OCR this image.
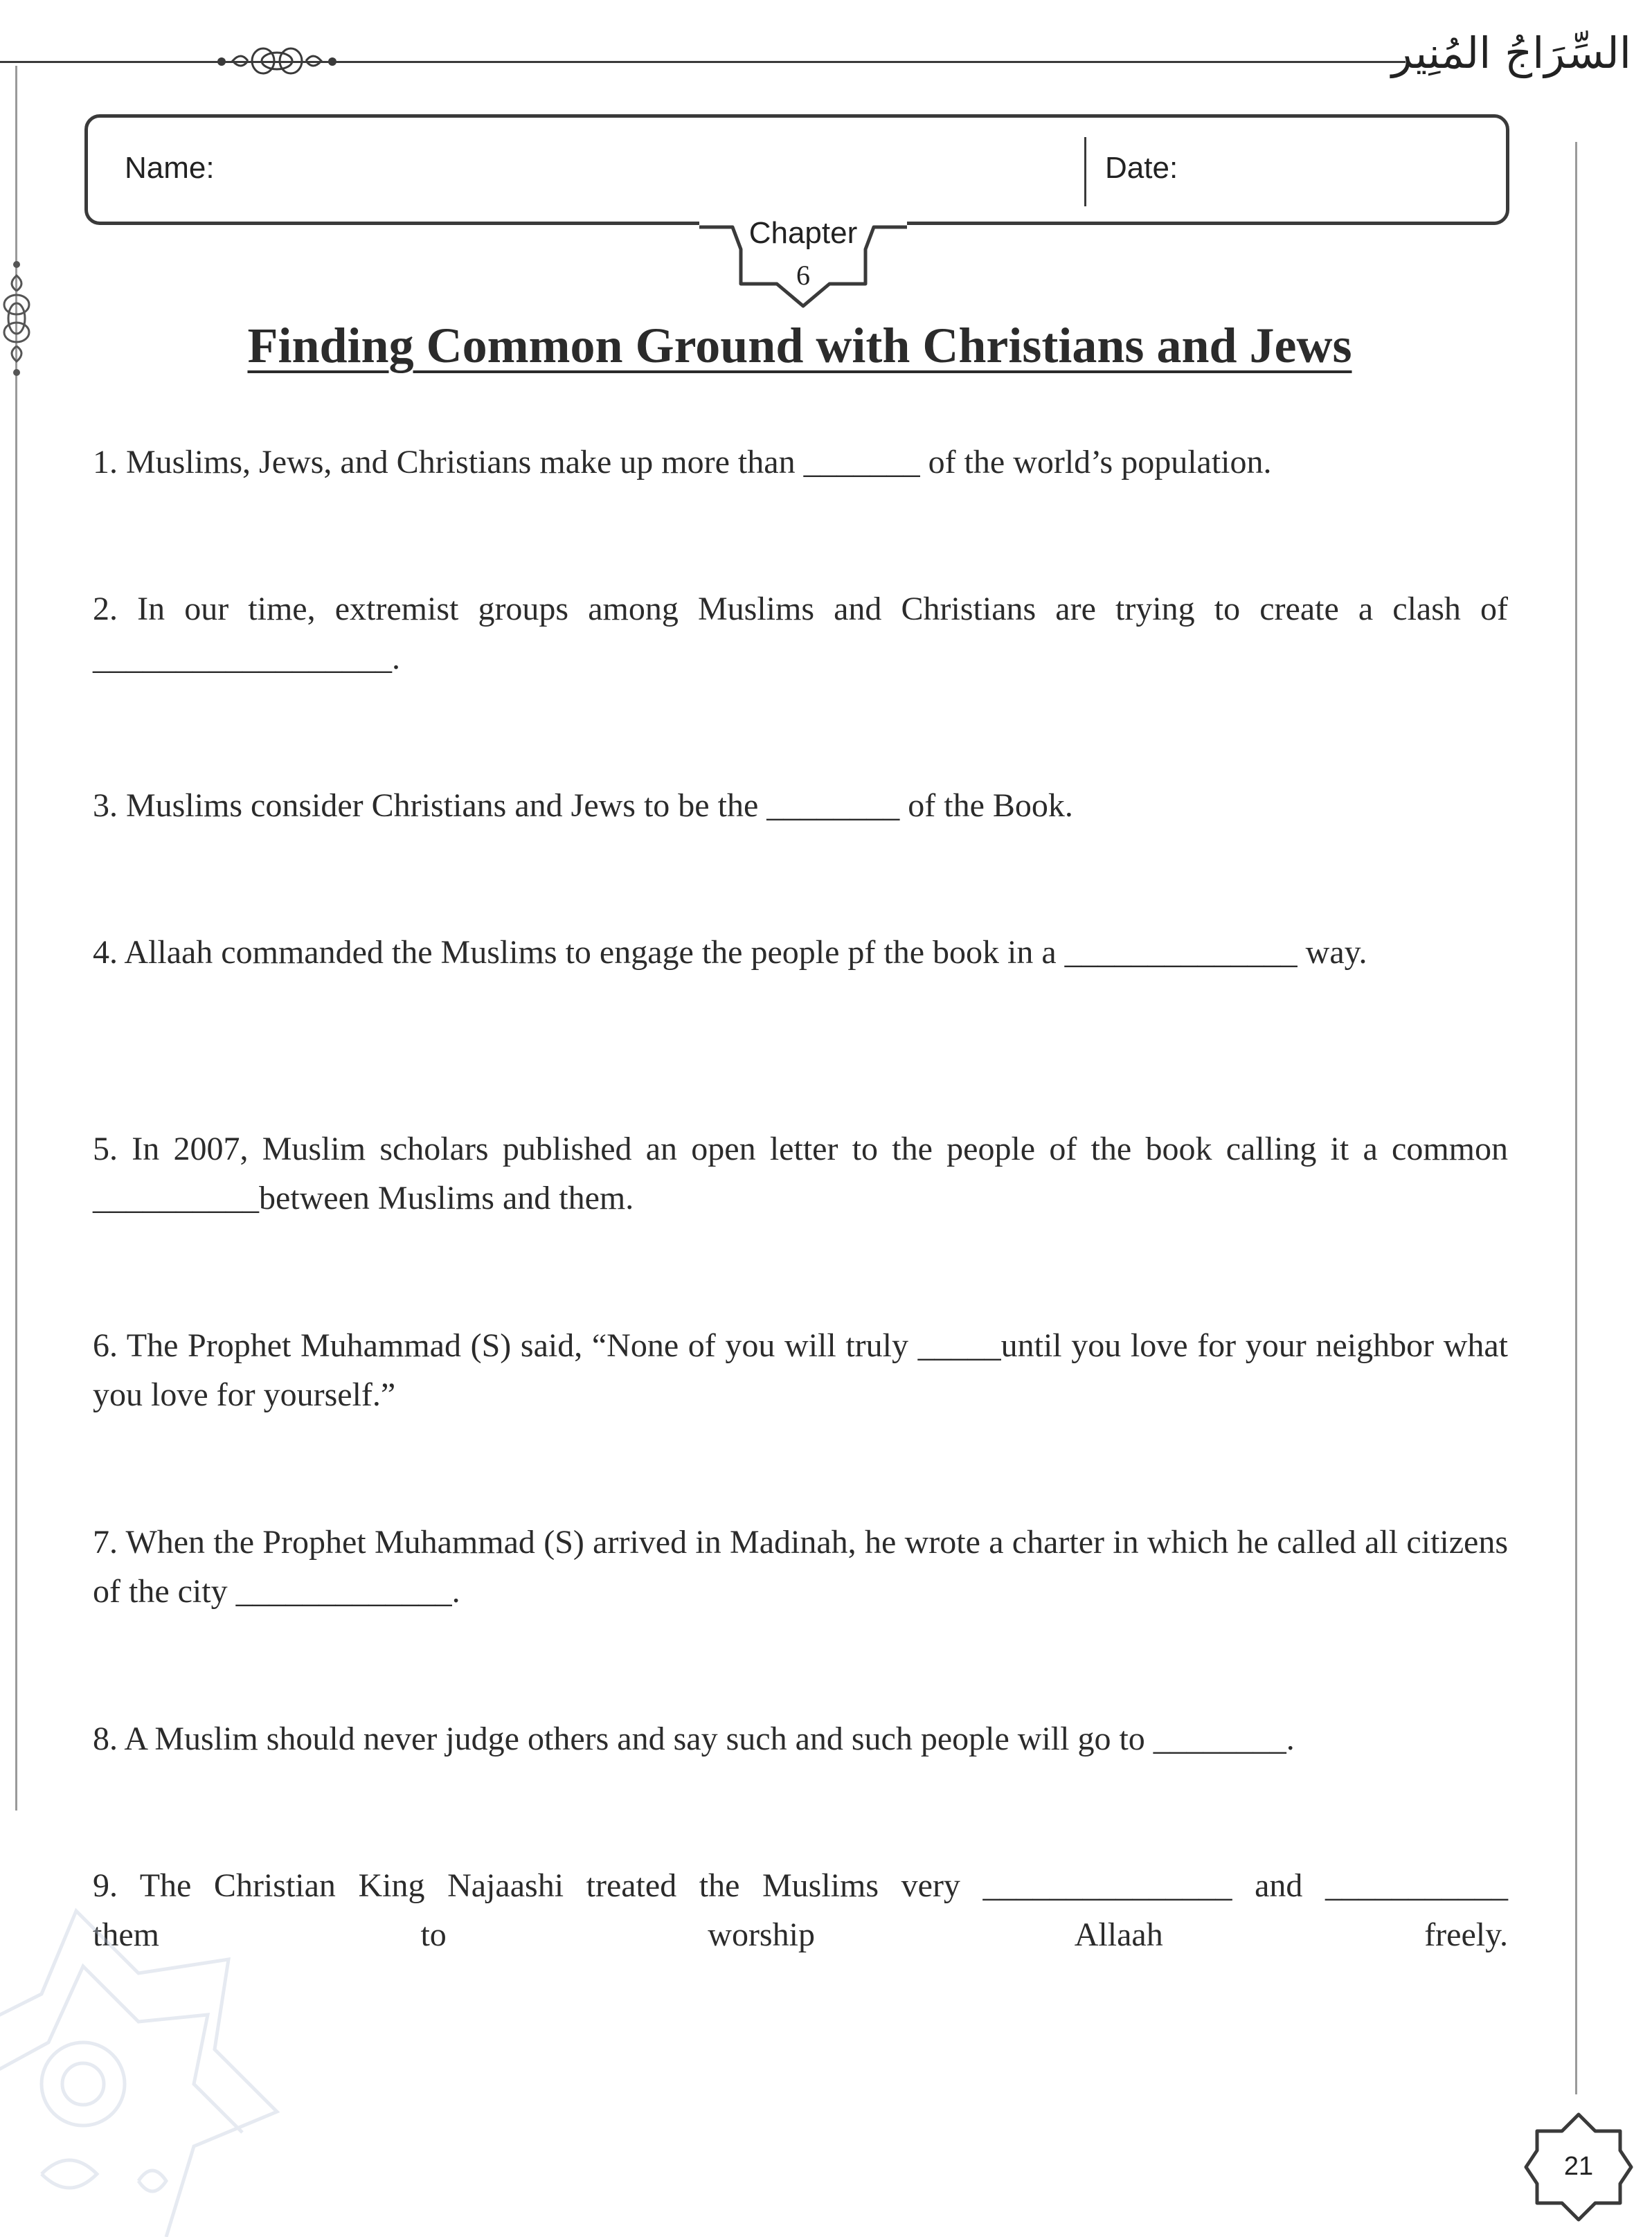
السِّرَاجُ المُنِير
Name:	Date:
Chapter
6
Finding Common Ground with Christians and Jews
1. Muslims, Jews, and Christians make up more than _______ of the world’s population.
2. In our time, extremist groups among Muslims and Christians are trying to create a clash of __________________.
3. Muslims consider Christians and Jews to be the ________ of the Book.
4. Allaah commanded the Muslims to engage the people pf the book in a ______________ way.
5. In 2007, Muslim scholars published an open letter to the people of the book calling it a common __________between Muslims and them.
6. The Prophet Muhammad (S) said, “None of you will truly _____until you love for your neighbor what you love for yourself.”
7. When the Prophet Muhammad (S) arrived in Madinah, he wrote a charter in which he called all citizens of the city _____________.
8. A Muslim should never judge others and say such and such people will go to ________.
9. The Christian King Najaashi treated the Muslims very _______________ and ___________ them to worship Allaah freely.
21
